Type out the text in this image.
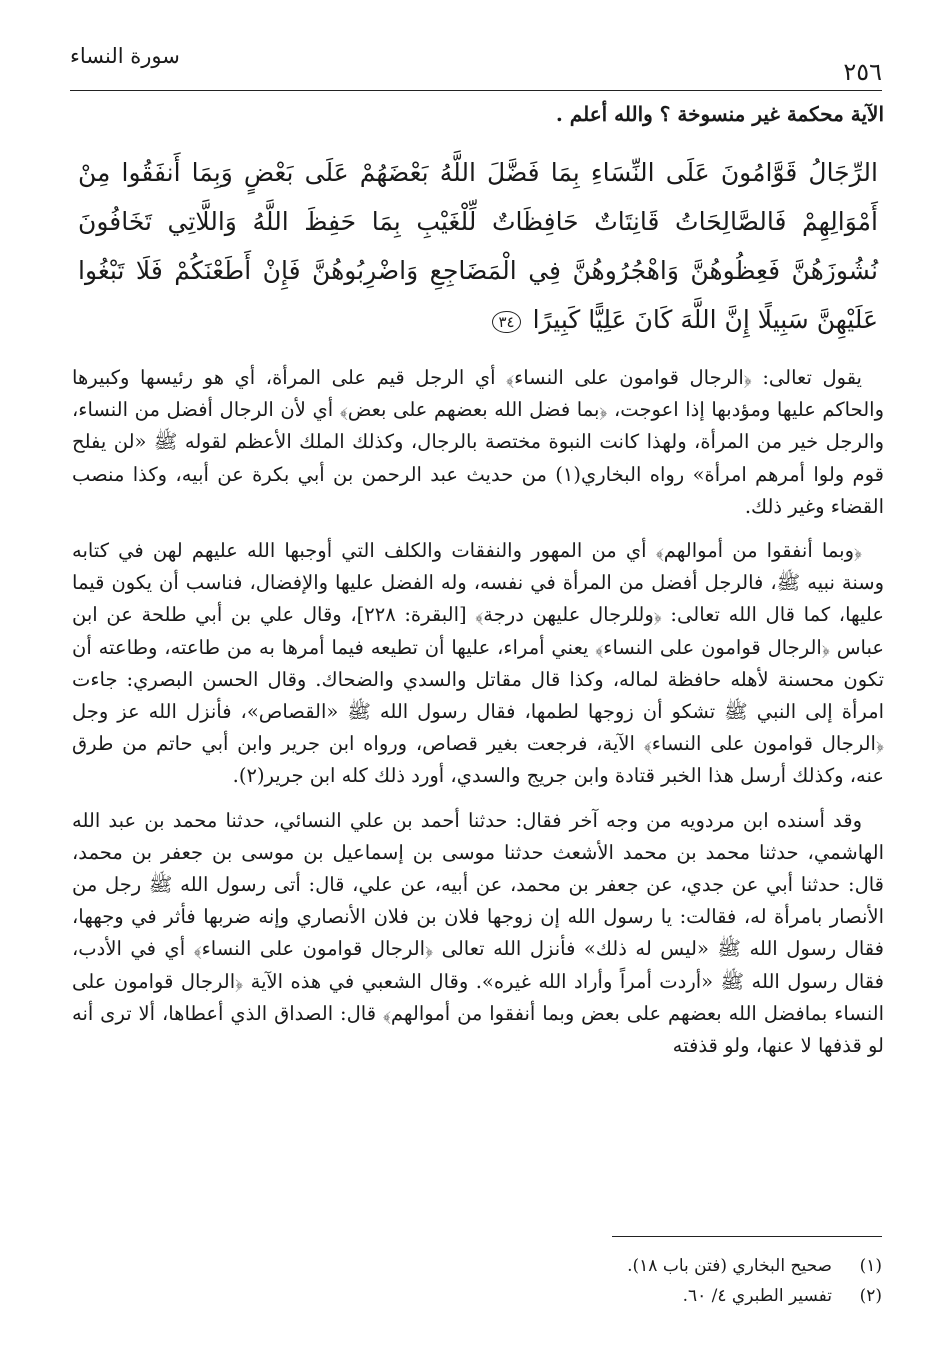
سورة النساء
٢٥٦

الآية محكمة غير منسوخة ؟ والله أعلم .

الرِّجَالُ قَوَّامُونَ عَلَى النِّسَاءِ بِمَا فَضَّلَ اللَّهُ بَعْضَهُمْ عَلَى بَعْضٍ وَبِمَا أَنفَقُوا مِنْ أَمْوَالِهِمْ فَالصَّالِحَاتُ قَانِتَاتٌ حَافِظَاتٌ لِّلْغَيْبِ بِمَا حَفِظَ اللَّهُ وَاللَّاتِي تَخَافُونَ نُشُوزَهُنَّ فَعِظُوهُنَّ وَاهْجُرُوهُنَّ فِي الْمَضَاجِعِ وَاضْرِبُوهُنَّ فَإِنْ أَطَعْنَكُمْ فَلَا تَبْغُوا عَلَيْهِنَّ سَبِيلًا إِنَّ اللَّهَ كَانَ عَلِيًّا كَبِيرًا ٣٤

يقول تعالى: ﴿الرجال قوامون على النساء﴾ أي الرجل قيم على المرأة، أي هو رئيسها وكبيرها والحاكم عليها ومؤدبها إذا اعوجت، ﴿بما فضل الله بعضهم على بعض﴾ أي لأن الرجال أفضل من النساء، والرجل خير من المرأة، ولهذا كانت النبوة مختصة بالرجال، وكذلك الملك الأعظم لقوله ﷺ «لن يفلح قوم ولوا أمرهم امرأة» رواه البخاري(١) من حديث عبد الرحمن بن أبي بكرة عن أبيه، وكذا منصب القضاء وغير ذلك.

﴿وبما أنفقوا من أموالهم﴾ أي من المهور والنفقات والكلف التي أوجبها الله عليهم لهن في كتابه وسنة نبيه ﷺ، فالرجل أفضل من المرأة في نفسه، وله الفضل عليها والإفضال، فناسب أن يكون قيما عليها، كما قال الله تعالى: ﴿وللرجال عليهن درجة﴾ [البقرة: ٢٢٨]، وقال علي بن أبي طلحة عن ابن عباس ﴿الرجال قوامون على النساء﴾ يعني أمراء، عليها أن تطيعه فيما أمرها به من طاعته، وطاعته أن تكون محسنة لأهله حافظة لماله، وكذا قال مقاتل والسدي والضحاك. وقال الحسن البصري: جاءت امرأة إلى النبي ﷺ تشكو أن زوجها لطمها، فقال رسول الله ﷺ «القصاص»، فأنزل الله عز وجل ﴿الرجال قوامون على النساء﴾ الآية، فرجعت بغير قصاص، ورواه ابن جرير وابن أبي حاتم من طرق عنه، وكذلك أرسل هذا الخبر قتادة وابن جريج والسدي، أورد ذلك كله ابن جرير(٢).

وقد أسنده ابن مردويه من وجه آخر فقال: حدثنا أحمد بن علي النسائي، حدثنا محمد بن عبد الله الهاشمي، حدثنا محمد بن محمد الأشعث حدثنا موسى بن إسماعيل بن موسى بن جعفر بن محمد، قال: حدثنا أبي عن جدي، عن جعفر بن محمد، عن أبيه، عن علي، قال: أتى رسول الله ﷺ رجل من الأنصار بامرأة له، فقالت: يا رسول الله إن زوجها فلان بن فلان الأنصاري وإنه ضربها فأثر في وجهها، فقال رسول الله ﷺ «ليس له ذلك» فأنزل الله تعالى ﴿الرجال قوامون على النساء﴾ أي في الأدب، فقال رسول الله ﷺ «أردت أمراً وأراد الله غيره». وقال الشعبي في هذه الآية ﴿الرجال قوامون على النساء بمافضل الله بعضهم على بعض وبما أنفقوا من أموالهم﴾ قال: الصداق الذي أعطاها، ألا ترى أنه لو قذفها لا عنها، ولو قذفته

(١)
صحيح البخاري (فتن باب ١٨).
(٢)
تفسير الطبري ٤/ ٦٠.
